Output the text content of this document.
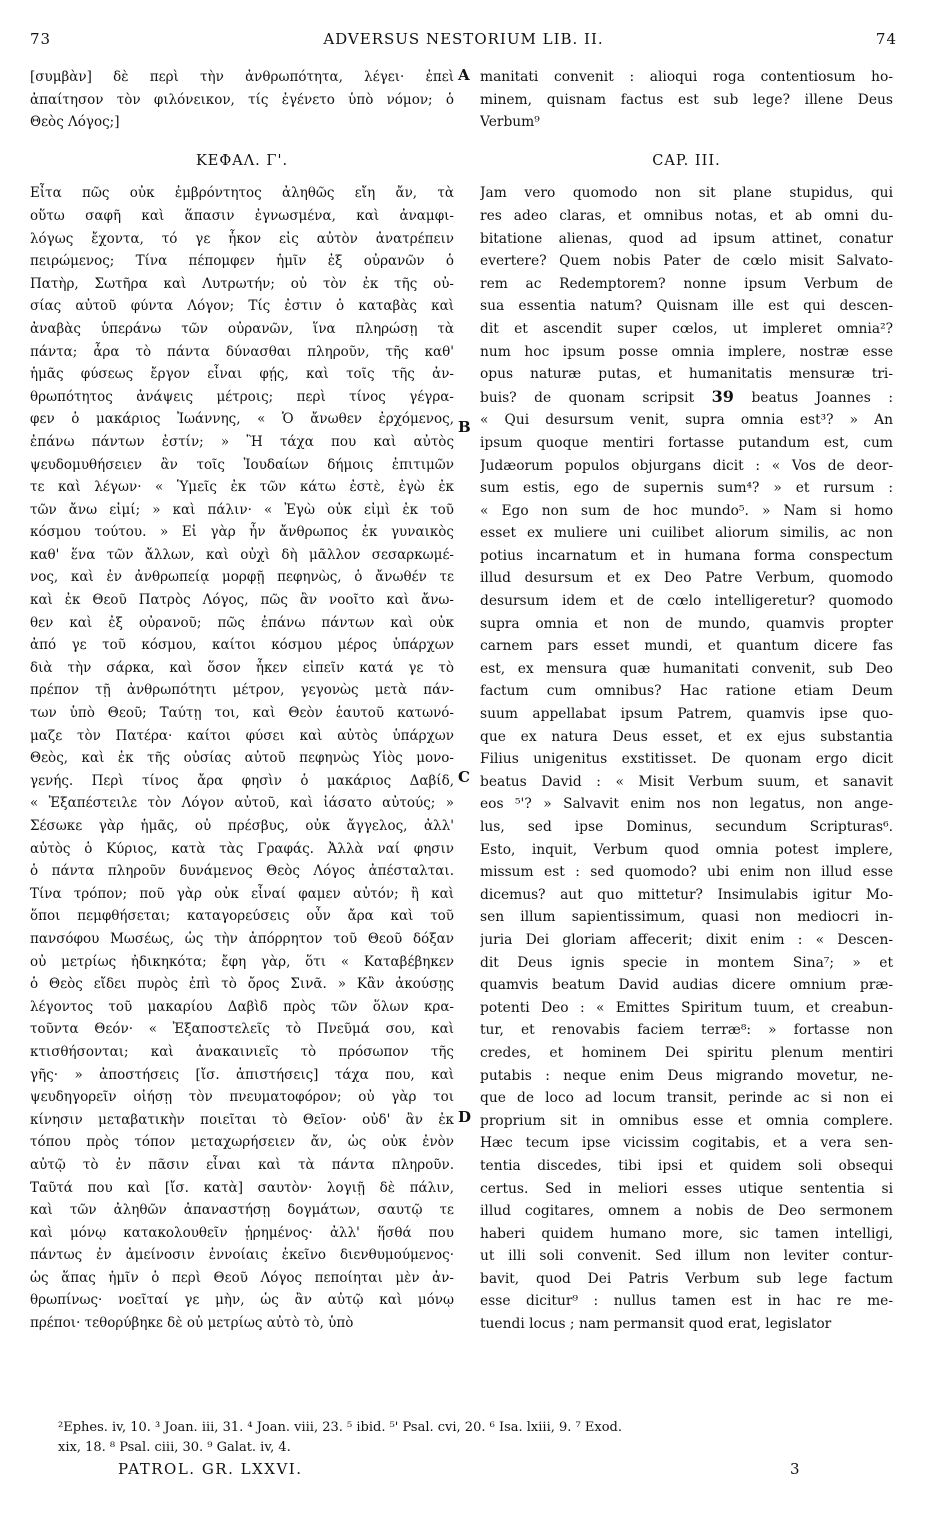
73	ADVERSUS NESTORIUM LIB. II.	74
[συμβὰν] δὲ περὶ τὴν ἀνθρωπότητα, λέγει· ἐπεὶ
ἀπαίτησον τὸν φιλόνεικον, τίς ἐγένετο ὑπὸ νόμον; ὁ
Θεὸς Λόγος;]
ΚΕΦΑΛ. Γ'.
Εἶτα πῶς οὐκ ἐμβρόντητος ἀληθῶς εἴη ἄν, τὰ
οὕτω σαφῆ καὶ ἅπασιν ἐγνωσμένα, καὶ ἀναμφι-
λόγως ἔχοντα, τό γε ἧκον εἰς αὐτὸν ἀνατρέπειν
πειρώμενος; Τίνα πέπομφεν ἡμῖν ἐξ οὐρανῶν ὁ
Πατὴρ, Σωτῆρα καὶ Λυτρωτήν; οὐ τὸν ἐκ τῆς οὐ-
σίας αὐτοῦ φύντα Λόγον; Τίς ἐστιν ὁ καταβὰς καὶ
ἀναβὰς ὑπεράνω τῶν οὐρανῶν, ἵνα πληρώσῃ τὰ
πάντα; ἆρα τὸ πάντα δύνασθαι πληροῦν, τῆς καθ'
ἡμᾶς φύσεως ἔργον εἶναι φῄς, καὶ τοῖς τῆς ἀν-
θρωπότητος ἀνάψεις μέτροις; περὶ τίνος γέγρα-
φεν ὁ μακάριος Ἰωάννης, « Ὁ ἄνωθεν ἐρχόμενος,
ἐπάνω πάντων ἐστίν; » Ἢ τάχα που καὶ αὐτὸς
ψευδομυθήσειεν ἂν τοῖς Ἰουδαίων δήμοις ἐπιτιμῶν
τε καὶ λέγων· « Ὑμεῖς ἐκ τῶν κάτω ἐστὲ, ἐγὼ ἐκ
τῶν ἄνω εἰμί; » καὶ πάλιν· « Ἐγὼ οὐκ εἰμὶ ἐκ τοῦ
κόσμου τούτου. » Εἰ γὰρ ἦν ἄνθρωπος ἐκ γυναικὸς
καθ' ἕνα τῶν ἄλλων, καὶ οὐχὶ δὴ μᾶλλον σεσαρκωμέ-
νος, καὶ ἐν ἀνθρωπείᾳ μορφῇ πεφηνὼς, ὁ ἄνωθέν τε
καὶ ἐκ Θεοῦ Πατρὸς Λόγος, πῶς ἂν νοοῖτο καὶ ἄνω-
θεν καὶ ἐξ οὐρανοῦ; πῶς ἐπάνω πάντων καὶ οὐκ
ἀπό γε τοῦ κόσμου, καίτοι κόσμου μέρος ὑπάρχων
διὰ τὴν σάρκα, καὶ ὅσον ἧκεν εἰπεῖν κατά γε τὸ
πρέπον τῇ ἀνθρωπότητι μέτρον, γεγονὼς μετὰ πάν-
των ὑπὸ Θεοῦ; Ταύτῃ τοι, καὶ Θεὸν ἑαυτοῦ κατωνό-
μαζε τὸν Πατέρα· καίτοι φύσει καὶ αὐτὸς ὑπάρχων
Θεὸς, καὶ ἐκ τῆς οὐσίας αὐτοῦ πεφηνὼς Υἱὸς μονο-
γενής. Περὶ τίνος ἄρα φησὶν ὁ μακάριος Δαβίδ,
« Ἐξαπέστειλε τὸν Λόγον αὐτοῦ, καὶ ἰάσατο αὐτούς; »
Σέσωκε γὰρ ἡμᾶς, οὐ πρέσβυς, οὐκ ἄγγελος, ἀλλ'
αὐτὸς ὁ Κύριος, κατὰ τὰς Γραφάς. Ἀλλὰ ναί φησιν
ὁ πάντα πληροῦν δυνάμενος Θεὸς Λόγος ἀπέσταλται.
Τίνα τρόπον; ποῦ γὰρ οὐκ εἶναί φαμεν αὐτόν; ἢ καὶ
ὅποι πεμφθήσεται; καταγορεύσεις οὖν ἄρα καὶ τοῦ
πανσόφου Μωσέως, ὡς τὴν ἀπόρρητον τοῦ Θεοῦ δόξαν
οὐ μετρίως ἠδικηκότα; ἔφη γὰρ, ὅτι « Καταβέβηκεν
ὁ Θεὸς εἴδει πυρὸς ἐπὶ τὸ ὄρος Σινᾶ. » Κἂν ἀκούσῃς
λέγοντος τοῦ μακαρίου Δαβὶδ πρὸς τῶν ὅλων κρα-
τοῦντα Θεόν· « Ἐξαποστελεῖς τὸ Πνεῦμά σου, καὶ
κτισθήσονται; καὶ ἀνακαινιεῖς τὸ πρόσωπον τῆς
γῆς· » ἀποστήσεις [ἴσ. ἀπιστήσεις] τάχα που, καὶ
ψευδηγορεῖν οἰήσῃ τὸν πνευματοφόρον; οὐ γὰρ τοι
κίνησιν μεταβατικὴν ποιεῖται τὸ Θεῖον· οὐδ' ἂν ἐκ
τόπου πρὸς τόπον μεταχωρήσειεν ἄν, ὡς οὐκ ἐνὸν
αὐτῷ τὸ ἐν πᾶσιν εἶναι καὶ τὰ πάντα πληροῦν.
Ταῦτά που καὶ [ἴσ. κατὰ] σαυτὸν· λογιῇ δὲ πάλιν,
καὶ τῶν ἀληθῶν ἀπαναστήσῃ δογμάτων, σαυτῷ τε
καὶ μόνῳ κατακολουθεῖν ᾑρημένος· ἀλλ' ἥσθά που
πάντως ἐν ἀμείνοσιν ἐννοίαις ἐκεῖνο διενθυμούμενος·
ὡς ἅπας ἡμῖν ὁ περὶ Θεοῦ Λόγος πεποίηται μὲν ἀν-
θρωπίνως· νοεῖταί γε μὴν, ὡς ἂν αὐτῷ καὶ μόνῳ
πρέποι· τεθορύβηκε δὲ οὐ μετρίως αὐτὸ τὸ, ὑπὸ
manitati convenit : alioqui roga contentiosum ho-
minem, quisnam factus est sub lege? illene Deus
Verbum⁹
CAP. III.
Jam vero quomodo non sit plane stupidus, qui
res adeo claras, et omnibus notas, et ab omni du-
bitatione alienas, quod ad ipsum attinet, conatur
evertere? Quem nobis Pater de cœlo misit Salvato-
rem ac Redemptorem? nonne ipsum Verbum de
sua essentia natum? Quisnam ille est qui descen-
dit et ascendit super cœlos, ut impleret omnia²?
num hoc ipsum posse omnia implere, nostræ esse
opus naturæ putas, et humanitatis mensuræ tri-
buis? de quonam scripsit 39 beatus Joannes :
« Qui desursum venit, supra omnia est³? » An
ipsum quoque mentiri fortasse putandum est, cum
Judæorum populos objurgans dicit : « Vos de deor-
sum estis, ego de supernis sum⁴? » et rursum :
« Ego non sum de hoc mundo⁵. » Nam si homo
esset ex muliere uni cuilibet aliorum similis, ac non
potius incarnatum et in humana forma conspectum
illud desursum et ex Deo Patre Verbum, quomodo
desursum idem et de cœlo intelligeretur? quomodo
supra omnia et non de mundo, quamvis propter
carnem pars esset mundi, et quantum dicere fas
est, ex mensura quæ humanitati convenit, sub Deo
factum cum omnibus? Hac ratione etiam Deum
suum appellabat ipsum Patrem, quamvis ipse quo-
que ex natura Deus esset, et ex ejus substantia
Filius unigenitus exstitisset. De quonam ergo dicit
beatus David : « Misit Verbum suum, et sanavit
eos ⁵'? » Salvavit enim nos non legatus, non ange-
lus, sed ipse Dominus, secundum Scripturas⁶.
Esto, inquit, Verbum quod omnia potest implere,
missum est : sed quomodo? ubi enim non illud esse
dicemus? aut quo mittetur? Insimulabis igitur Mo-
sen illum sapientissimum, quasi non mediocri in-
juria Dei gloriam affecerit; dixit enim : « Descen-
dit Deus ignis specie in montem Sina⁷; » et
quamvis beatum David audias dicere omnium præ-
potenti Deo : « Emittes Spiritum tuum, et creabun-
tur, et renovabis faciem terræ⁸: » fortasse non
credes, et hominem Dei spiritu plenum mentiri
putabis : neque enim Deus migrando movetur, ne-
que de loco ad locum transit, perinde ac si non ei
proprium sit in omnibus esse et omnia complere.
Hæc tecum ipse vicissim cogitabis, et a vera sen-
tentia discedes, tibi ipsi et quidem soli obsequi
certus. Sed in meliori esses utique sententia si
illud cogitares, omnem a nobis de Deo sermonem
haberi quidem humano more, sic tamen intelligi,
ut illi soli convenit. Sed illum non leviter contur-
bavit, quod Dei Patris Verbum sub lege factum
esse dicitur⁹ : nullus tamen est in hac re me-
tuendi locus ; nam permansit quod erat, legislator
A
B
C
D
²Ephes. iv, 10. ³ Joan. iii, 31. ⁴ Joan. viii, 23. ⁵ ibid. ⁵' Psal. cvi, 20. ⁶ Isa. lxiii, 9. ⁷ Exod.
xix, 18. ⁸ Psal. ciii, 30. ⁹ Galat. iv, 4.
PATROL. GR. LXXVI.	3
